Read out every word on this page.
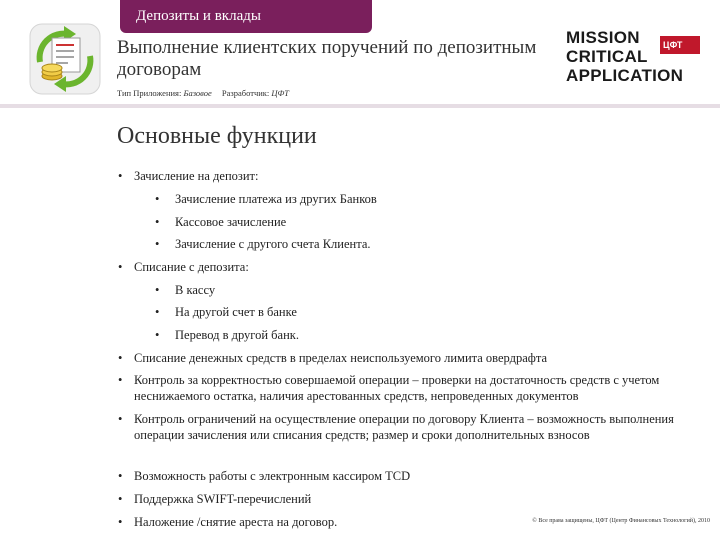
Депозиты и вклады
Выполнение клиентских поручений по депозитным договорам
Тип Приложения: Базовое Разработчик: ЦФТ
MISSION
CRITICAL
APPLICATION
ЦФТ
Основные функции
• Зачисление на депозит:
• Зачисление платежа из других Банков
• Кассовое зачисление
• Зачисление с другого счета Клиента.
• Списание с депозита:
• В кассу
• На другой счет в банке
• Перевод в другой банк.
• Списание денежных средств в пределах неиспользуемого лимита овердрафта
• Контроль за корректностью совершаемой операции – проверки на достаточность средств с учетом неснижаемого остатка, наличия арестованных средств, непроведенных документов
• Контроль ограничений на осуществление операции по договору Клиента – возможность выполнения операции зачисления или списания средств; размер и сроки дополнительных взносов
• Возможность работы с электронным кассиром TCD
• Поддержка SWIFT-перечислений
• Наложение /снятие ареста на договор.	© Все права защищены, ЦФТ (Центр Финансовых Технологий), 2010
